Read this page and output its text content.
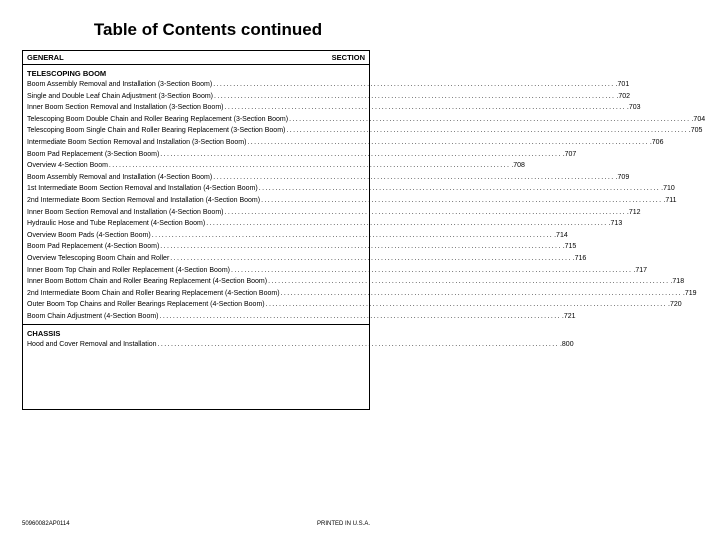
Table of Contents continued
GENERAL	SECTION
TELESCOPING BOOM
Boom Assembly Removal and Installation (3-Section Boom) ........................................................................................................................ .701
Single and Double Leaf Chain Adjustment (3-Section Boom) ........................................................................................................................ .702
Inner Boom Section Removal and Installation (3-Section Boom) ........................................................................................................................ .703
Telescoping Boom Double Chain and Roller Bearing Replacement (3-Section Boom) ........................................................................................................................ .704
Telescoping Boom Single Chain and Roller Bearing Replacement (3-Section Boom) ........................................................................................................................ .705
Intermediate Boom Section Removal and Installation (3-Section Boom) ........................................................................................................................ .706
Boom Pad Replacement (3-Section Boom) ........................................................................................................................ .707
Overview 4-Section Boom ........................................................................................................................ .708
Boom Assembly Removal and Installation (4-Section Boom) ........................................................................................................................ .709
1st Intermediate Boom Section Removal and Installation (4-Section Boom) ........................................................................................................................ .710
2nd Intermediate Boom Section Removal and Installation (4-Section Boom) ........................................................................................................................ .711
Inner Boom Section Removal and Installation (4-Section Boom) ........................................................................................................................ .712
Hydraulic Hose and Tube Replacement (4-Section Boom) ........................................................................................................................ .713
Overview Boom Pads (4-Section Boom) ........................................................................................................................ .714
Boom Pad Replacement (4-Section Boom) ........................................................................................................................ .715
Overview Telescoping Boom Chain and Roller ........................................................................................................................ .716
Inner Boom Top Chain and Roller Replacement (4-Section Boom) ........................................................................................................................ .717
Inner Boom Bottom Chain and Roller Bearing Replacement (4-Section Boom) ........................................................................................................................ .718
2nd Intermediate Boom Chain and Roller Bearing Replacement (4-Section Boom) ........................................................................................................................ .719
Outer Boom Top Chains and Roller Bearings Replacement (4-Section Boom) ........................................................................................................................ .720
Boom Chain Adjustment (4-Section Boom) ........................................................................................................................ .721
CHASSIS
Hood and Cover Removal and Installation ........................................................................................................................ .800
50960082AP0114	PRINTED IN U.S.A.
